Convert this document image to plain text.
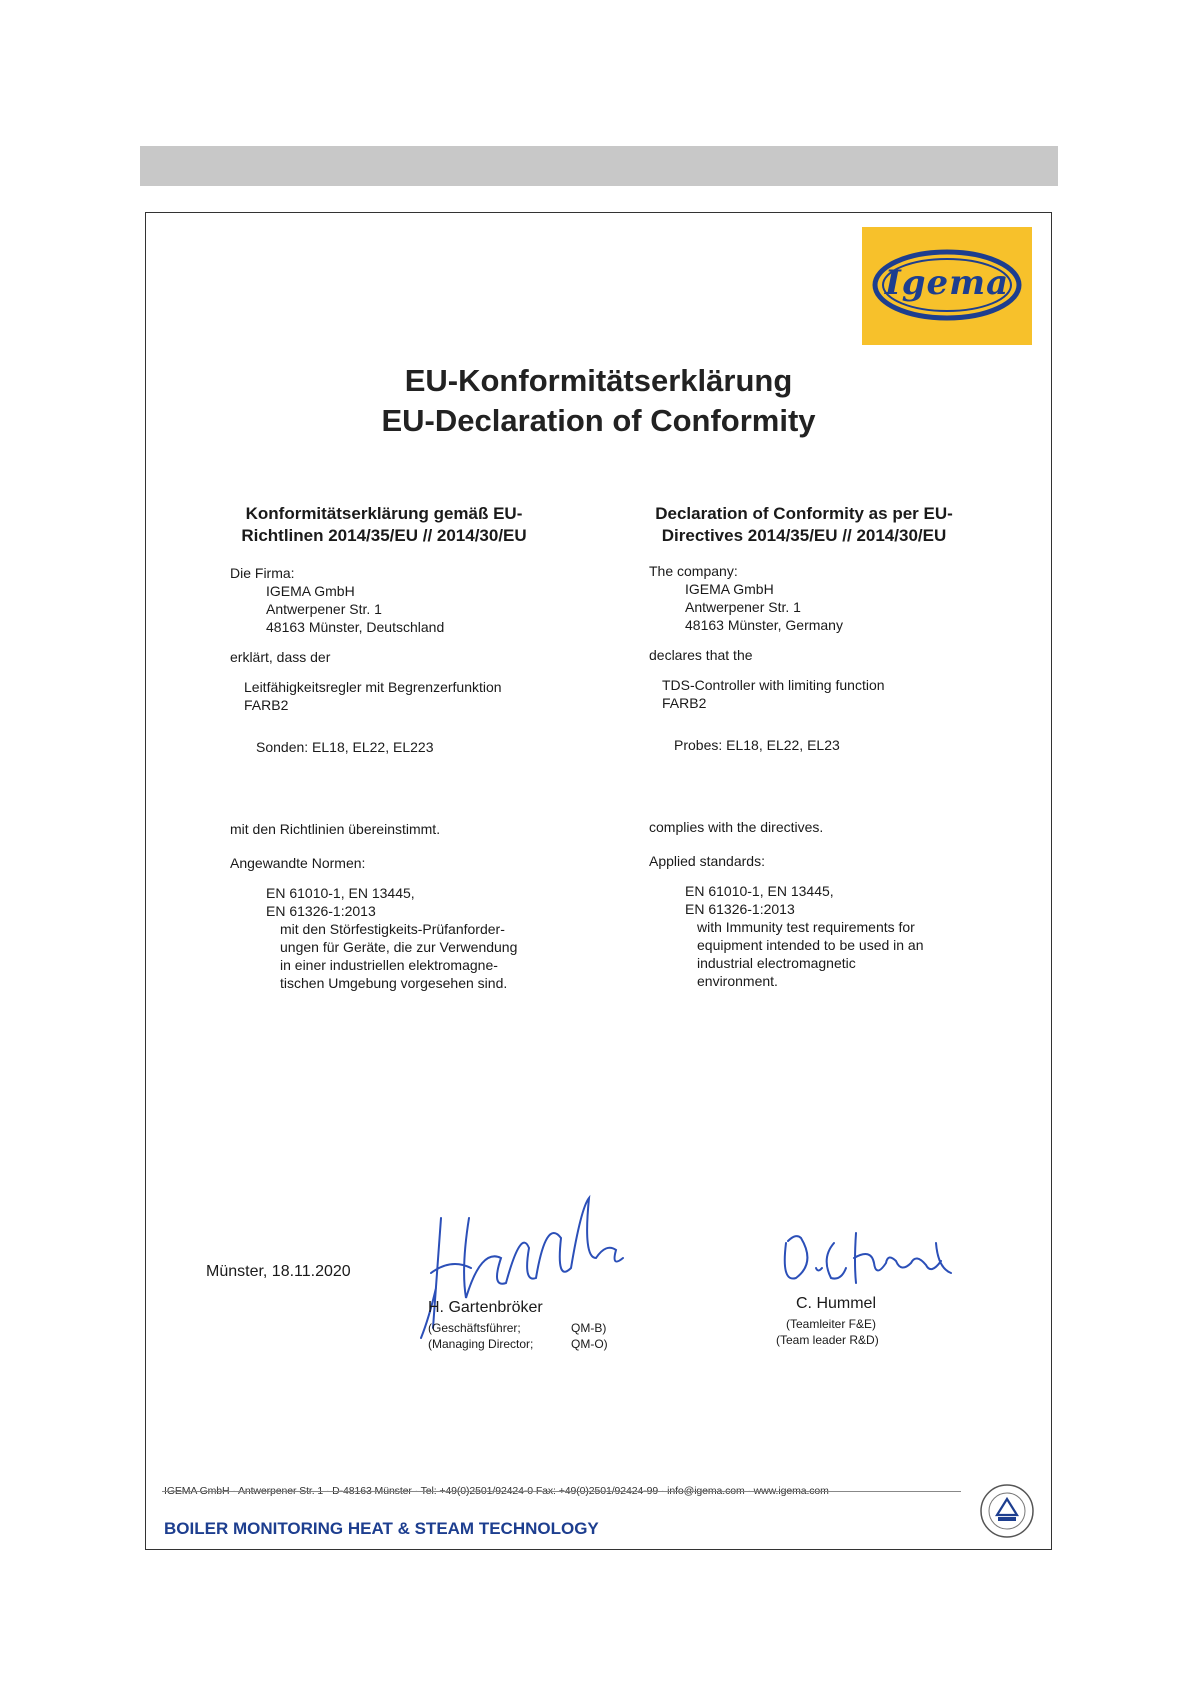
Igema
EU-Konformitätserklärung
EU-Declaration of Conformity
Konformitätserklärung gemäß EU-
Richtlinen 2014/35/EU // 2014/30/EU
Die Firma:
IGEMA GmbH
Antwerpener Str. 1
48163 Münster, Deutschland
erklärt, dass der
Leitfähigkeitsregler mit Begrenzerfunktion
FARB2
Sonden: EL18, EL22, EL223
mit den Richtlinien übereinstimmt.
Angewandte Normen:
EN 61010-1, EN 13445,
EN 61326-1:2013
mit den Störfestigkeits-Prüfanforder-
ungen für Geräte, die zur Verwendung
in einer industriellen elektromagne-
tischen Umgebung vorgesehen sind.
Declaration of Conformity as per EU-
Directives 2014/35/EU // 2014/30/EU
The company:
IGEMA GmbH
Antwerpener Str. 1
48163 Münster, Germany
declares that the
TDS-Controller with limiting function
FARB2
Probes: EL18, EL22, EL23
complies with the directives.
Applied standards:
EN 61010-1, EN 13445,
EN 61326-1:2013
with Immunity test requirements for
equipment intended to be used in an
industrial electromagnetic
environment.
Münster, 18.11.2020
H. Gartenbröker
(Geschäftsführer;	QM-B)
(Managing Director;	QM-O)
C. Hummel
(Teamleiter F&E)
(Team leader R&D)
IGEMA GmbH · Antwerpener Str. 1 · D-48163 Münster · Tel: +49(0)2501/92424-0 Fax: +49(0)2501/92424-99 · info@igema.com · www.igema.com
BOILER MONITORING HEAT & STEAM TECHNOLOGY
